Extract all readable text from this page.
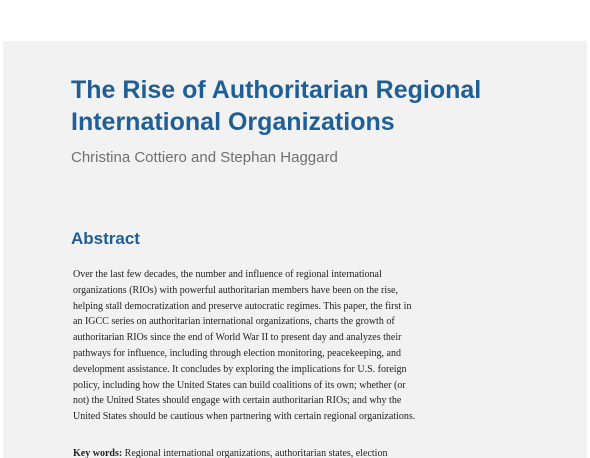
The Rise of Authoritarian Regional
International Organizations

Christina Cottiero and Stephan Haggard

Abstract
Over the last few decades, the number and influence of regional international
organizations (RIOs) with powerful authoritarian members have been on the rise,
helping stall democratization and preserve autocratic regimes. This paper, the first in
an IGCC series on authoritarian international organizations, charts the growth of
authoritarian RIOs since the end of World War II to present day and analyzes their
pathways for influence, including through election monitoring, peacekeeping, and
development assistance. It concludes by exploring the implications for U.S. foreign
policy, including how the United States can build coalitions of its own; whether (or
not) the United States should engage with certain authoritarian RIOs; and why the
United States should be cautious when partnering with certain regional organizations.

Key words: Regional international organizations, authoritarian states, election
